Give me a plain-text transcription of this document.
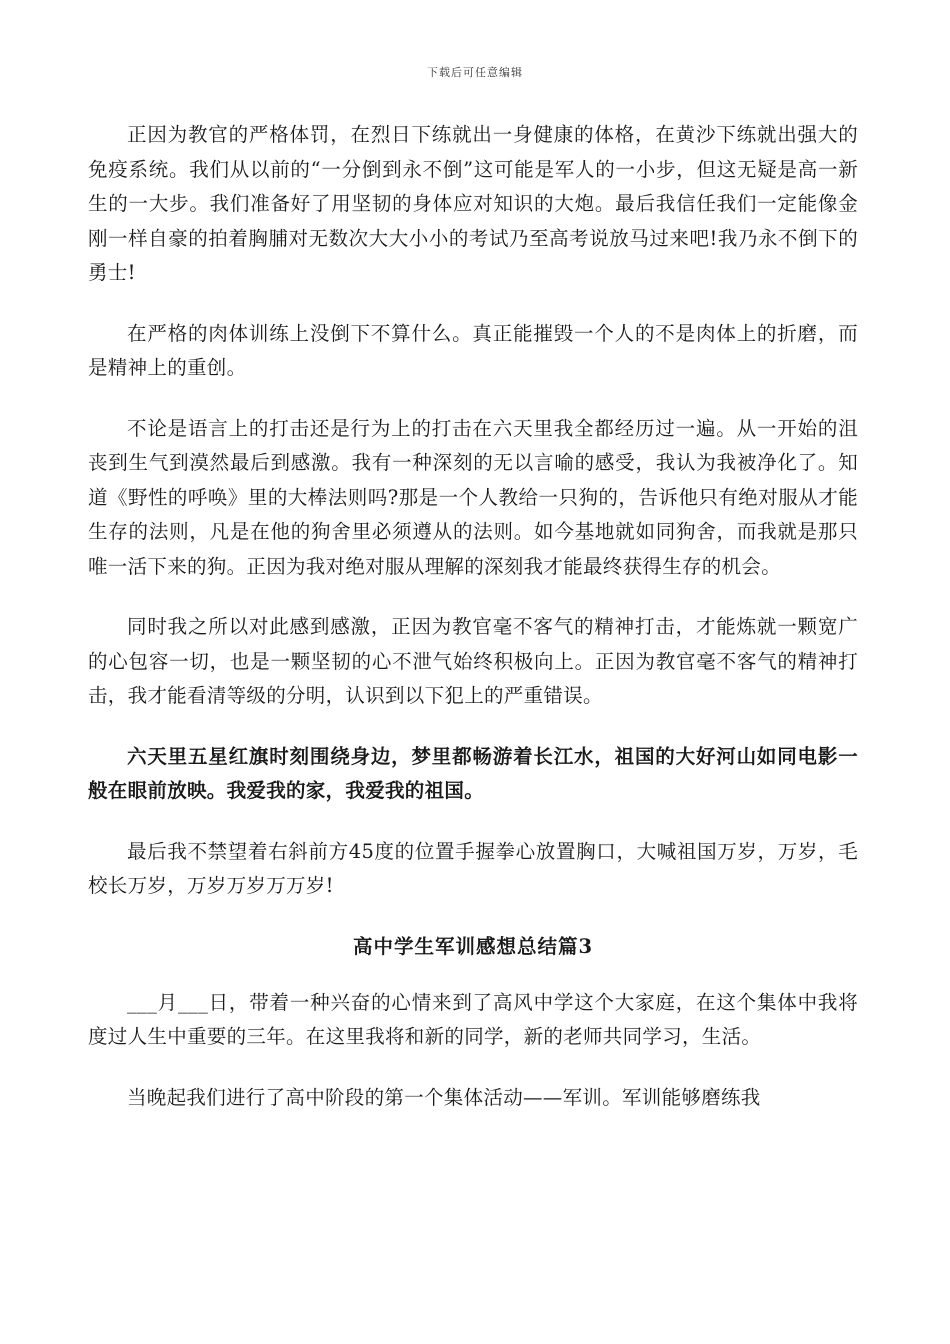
下载后可任意编辑

正因为教官的严格体罚，在烈日下练就出一身健康的体格，在黄沙下练就出强大的免疫系统。我们从以前的“一分倒到永不倒”这可能是军人的一小步，但这无疑是高一新生的一大步。我们准备好了用坚韧的身体应对知识的大炮。最后我信任我们一定能像金刚一样自豪的拍着胸脯对无数次大大小小的考试乃至高考说放马过来吧!我乃永不倒下的勇士!

在严格的肉体训练上没倒下不算什么。真正能摧毁一个人的不是肉体上的折磨，而是精神上的重创。

不论是语言上的打击还是行为上的打击在六天里我全都经历过一遍。从一开始的沮丧到生气到漠然最后到感激。我有一种深刻的无以言喻的感受，我认为我被净化了。知道《野性的呼唤》里的大棒法则吗?那是一个人教给一只狗的，告诉他只有绝对服从才能生存的法则，凡是在他的狗舍里必须遵从的法则。如今基地就如同狗舍，而我就是那只唯一活下来的狗。正因为我对绝对服从理解的深刻我才能最终获得生存的机会。

同时我之所以对此感到感激，正因为教官毫不客气的精神打击，才能炼就一颗宽广的心包容一切，也是一颗坚韧的心不泄气始终积极向上。正因为教官毫不客气的精神打击，我才能看清等级的分明，认识到以下犯上的严重错误。

六天里五星红旗时刻围绕身边，梦里都畅游着长江水，祖国的大好河山如同电影一般在眼前放映。我爱我的家，我爱我的祖国。

最后我不禁望着右斜前方45度的位置手握拳心放置胸口，大喊祖国万岁，万岁，毛校长万岁，万岁万岁万万岁!

高中学生军训感想总结篇3

___月___日，带着一种兴奋的心情来到了高风中学这个大家庭，在这个集体中我将度过人生中重要的三年。在这里我将和新的同学，新的老师共同学习，生活。

当晚起我们进行了高中阶段的第一个集体活动——军训。军训能够磨练我
